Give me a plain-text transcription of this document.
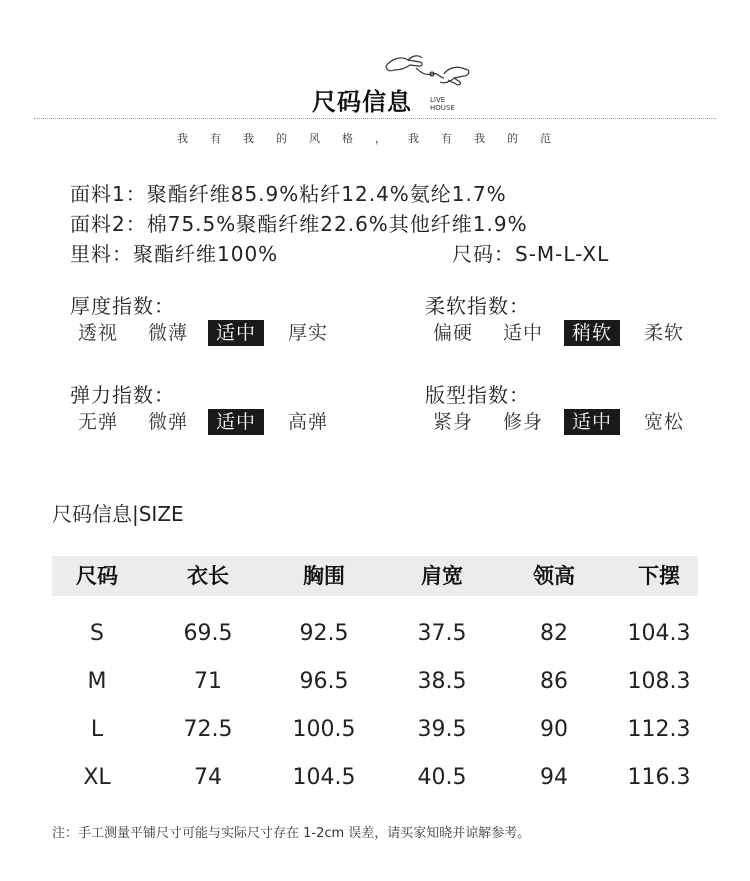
尺码信息	LIVE
HOUSE
我有我的风格，我有我的范
面料1：聚酯纤维85.9%粘纤12.4%氨纶1.7%
面料2：棉75.5%聚酯纤维22.6%其他纤维1.9%
里料：聚酯纤维100%	尺码：S-M-L-XL
厚度指数：
透视	微薄	适中	厚实
柔软指数：
偏硬	适中	稍软	柔软
弹力指数：
无弹	微弹	适中	高弹
版型指数：
紧身	修身	适中	宽松
尺码信息|SIZE
尺码	衣长	胸围	肩宽	领高	下摆
S	69.5	92.5	37.5	82	104.3
M	71	96.5	38.5	86	108.3
L	72.5	100.5	39.5	90	112.3
XL	74	104.5	40.5	94	116.3
注：手工测量平铺尺寸可能与实际尺寸存在 1-2cm 误差，请买家知晓并谅解参考。
